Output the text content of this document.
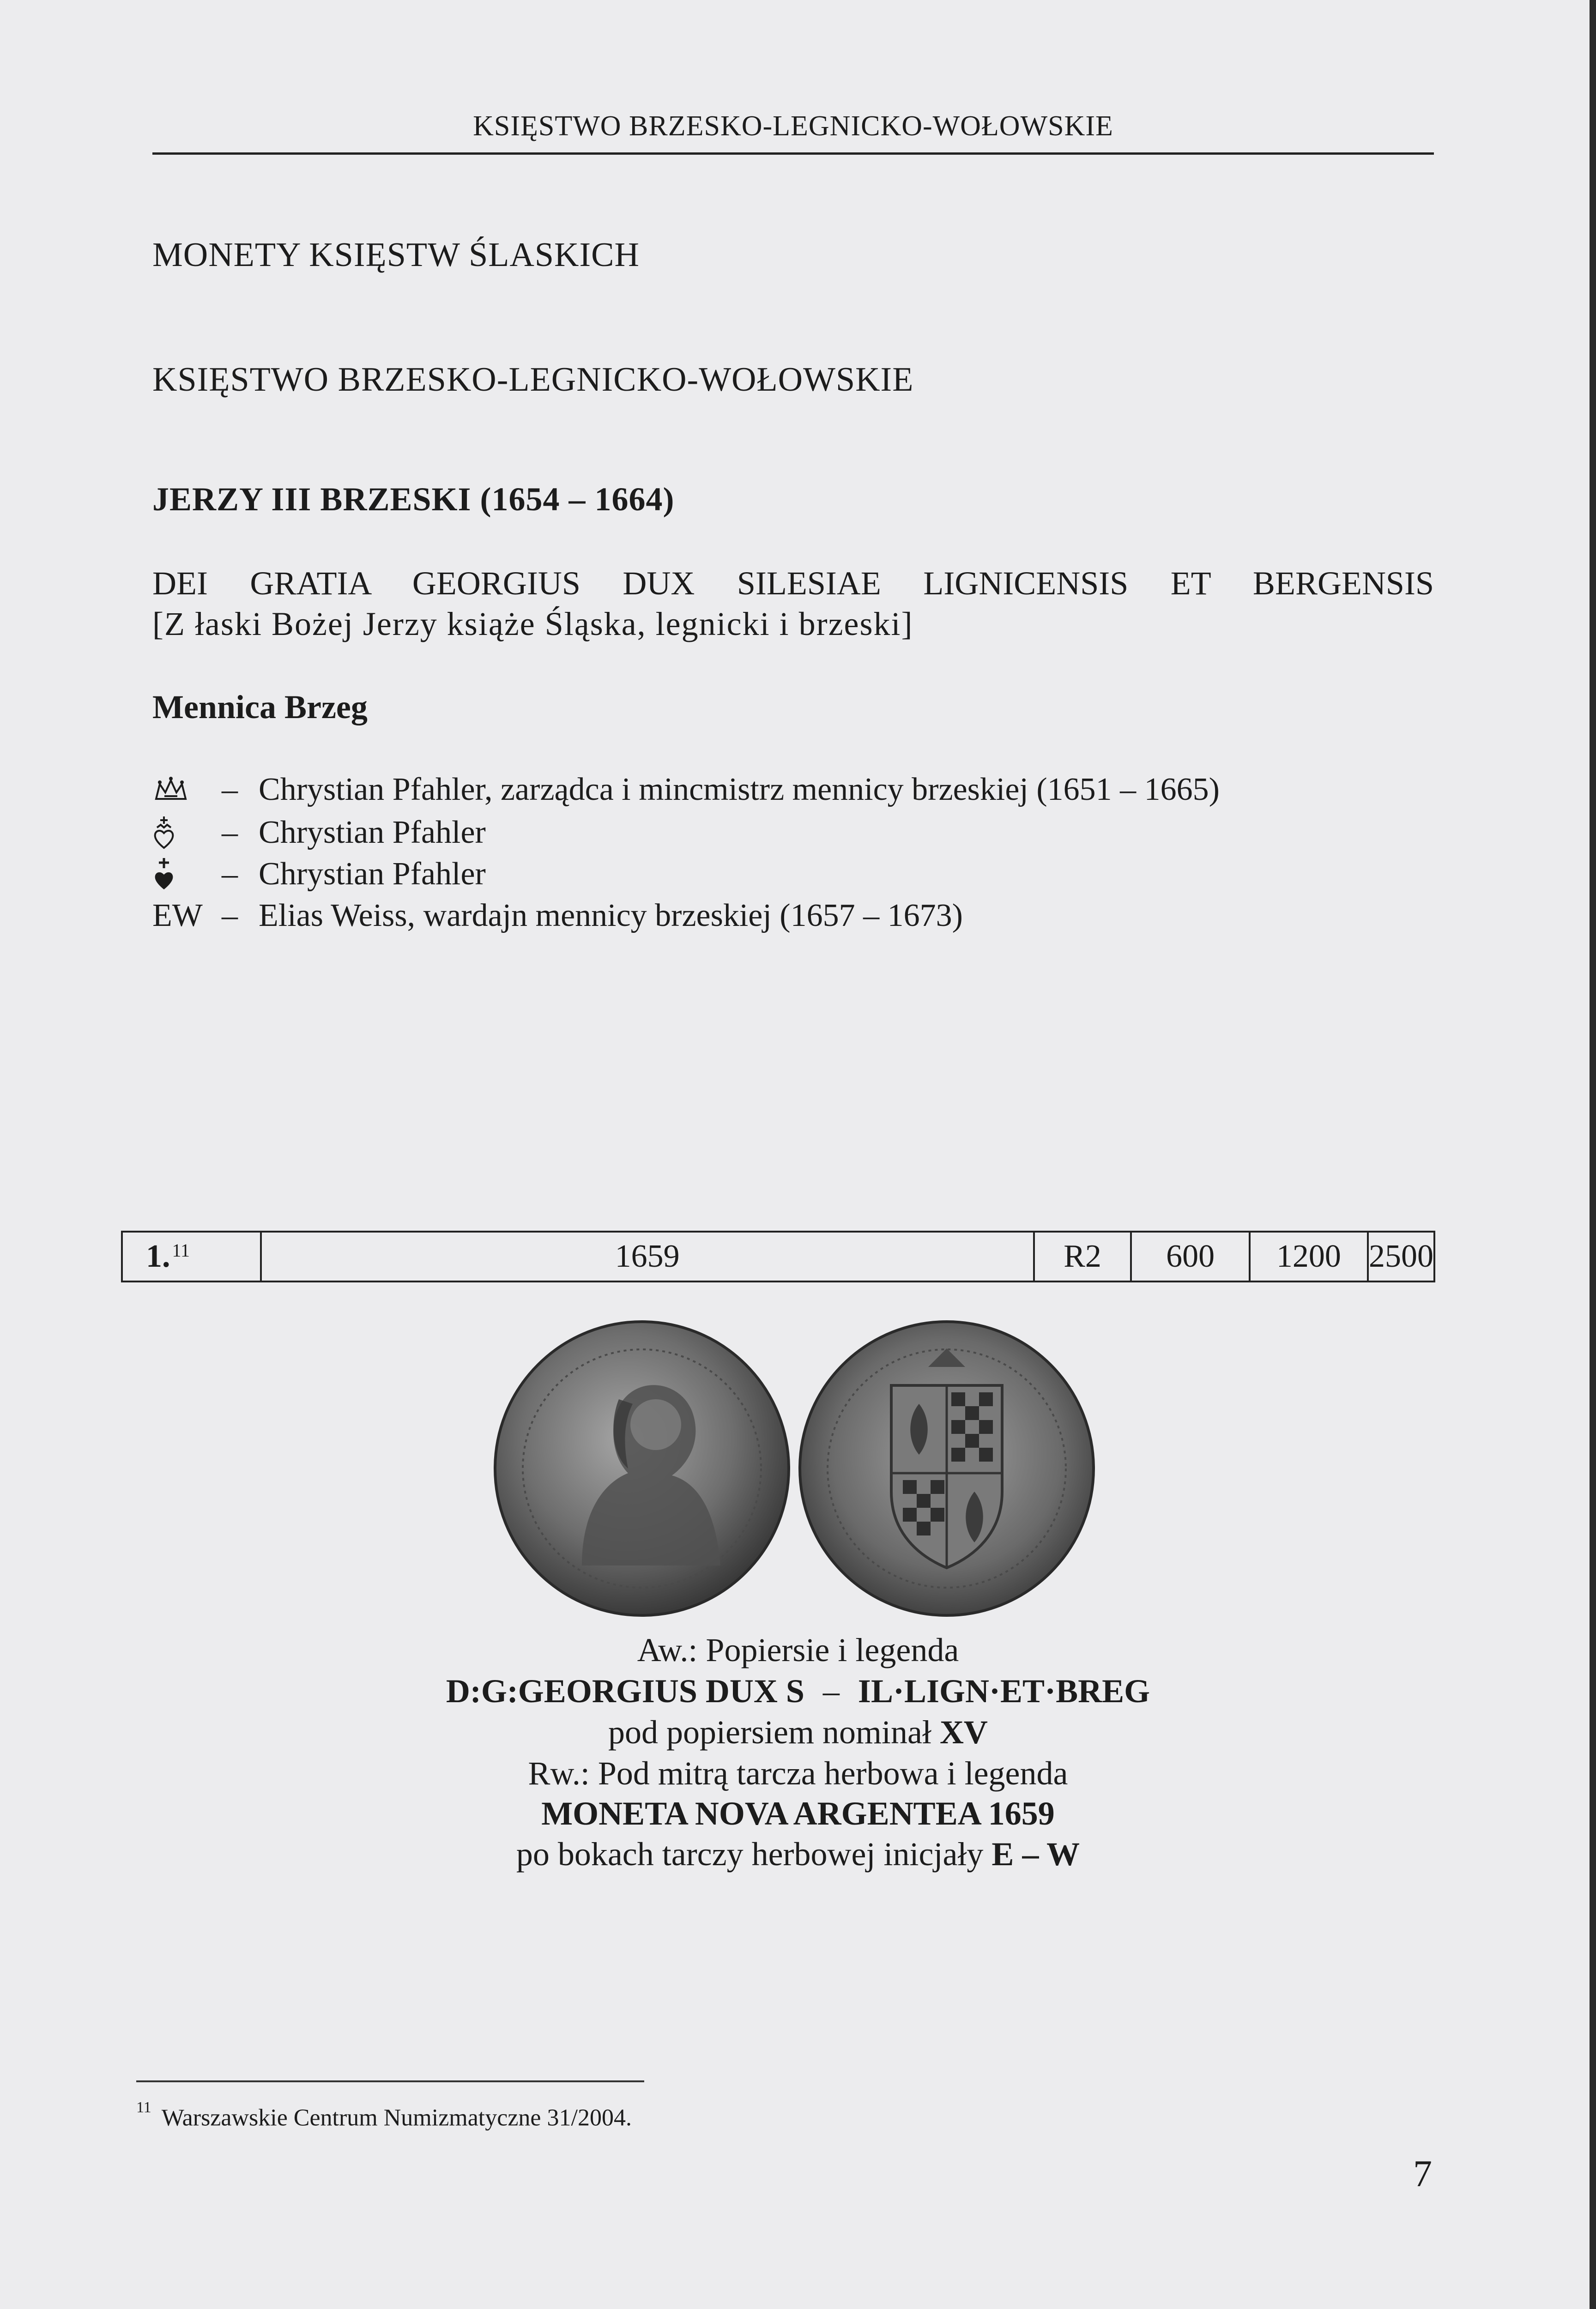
KSIĘSTWO BRZESKO-LEGNICKO-WOŁOWSKIE
MONETY KSIĘSTW ŚLASKICH
KSIĘSTWO BRZESKO-LEGNICKO-WOŁOWSKIE
JERZY III BRZESKI (1654 – 1664)
DEI GRATIA GEORGIUS DUX SILESIAE LIGNICENSIS ET BERGENSIS
[Z łaski Bożej Jerzy książe Śląska, legnicki i brzeski]
Mennica Brzeg
– Chrystian Pfahler, zarządca i mincmistrz mennicy brzeskiej (1651 – 1665)
– Chrystian Pfahler
– Chrystian Pfahler
EW – Elias Weiss, wardajn mennicy brzeskiej (1657 – 1673)
1.11	1659	R2	600	1200 2500
Aw.: Popiersie i legenda
D:G:GEORGIUS DUX S – IL·LIGN·ET·BREG
pod popiersiem nominał XV
Rw.: Pod mitrą tarcza herbowa i legenda
MONETA NOVA ARGENTEA 1659
po bokach tarczy herbowej inicjały E – W
$^{11}$ Warszawskie Centrum Numizmatyczne 31/2004.
7
